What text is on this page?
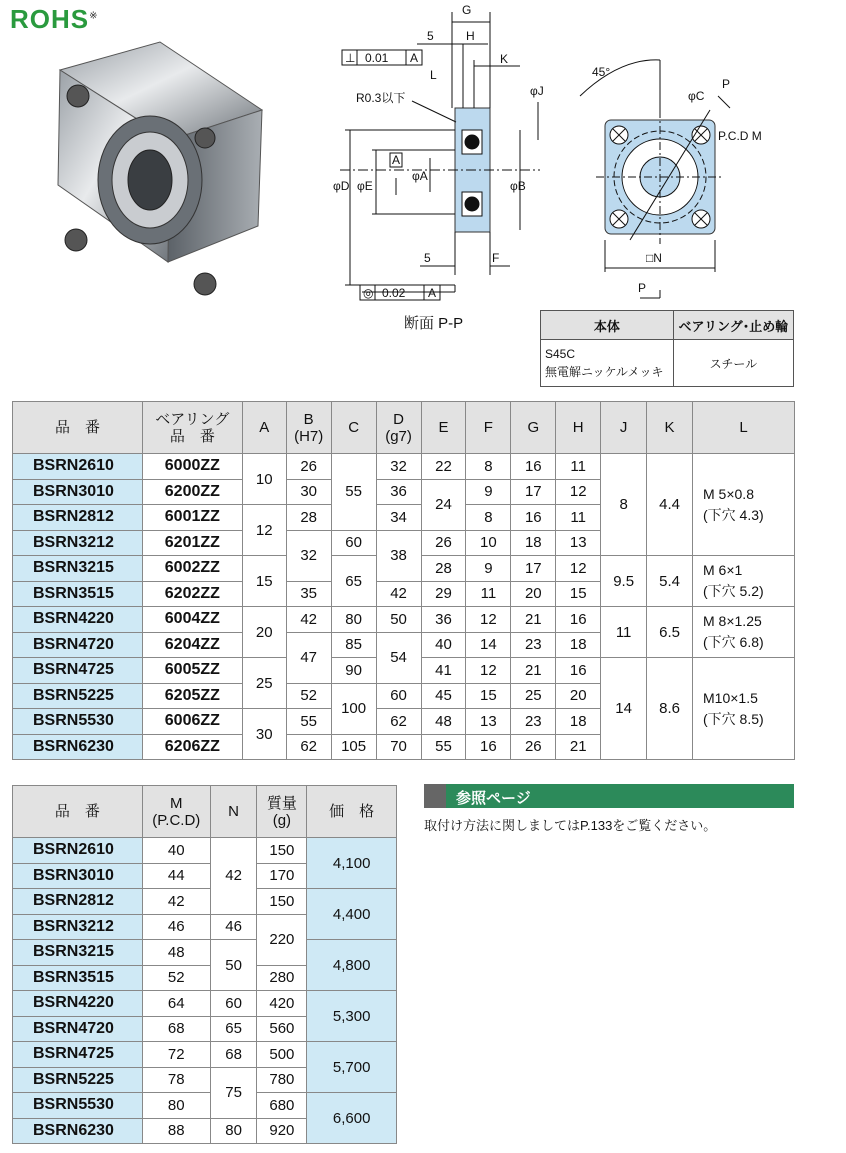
ROHS※	G
5	H
K
L
φJ
R0.3以下
⊥ 0.01 A
φD φE
A
φA
φB
5	F
◎ 0.02 A
45°
φC
P
P.C.D M
□N
P
断面 P-P	本体	ベアリング･止め輪
S45C
無電解ニッケルメッキ	スチール
品　番	ベアリング
品　番	A	B
(H7)	C	D
(g7)	E	F	G	H	J	K	L
BSRN2610	6000ZZ	10	26	55	32	22	8	16	11	8	4.4	M 5×0.8
(下穴 4.3)
BSRN3010	6200ZZ		30		36	24	9	17	12			
BSRN2812	6001ZZ	12	28		34		8	16	11			
BSRN3212	6201ZZ		32	60	38	26	10	18	13			
BSRN3215	6002ZZ	15		65		28	9	17	12	9.5	5.4	M 6×1
(下穴 5.2)
BSRN3515	6202ZZ		35		42	29	11	20	15			
BSRN4220	6004ZZ	20	42	80	50	36	12	21	16	11	6.5	M 8×1.25
(下穴 6.8)
BSRN4720	6204ZZ		47	85	54	40	14	23	18			
BSRN4725	6005ZZ	25		90		41	12	21	16	14	8.6	M10×1.5
(下穴 8.5)
BSRN5225	6205ZZ		52	100	60	45	15	25	20			
BSRN5530	6006ZZ	30	55		62	48	13	23	18			
BSRN6230	6206ZZ		62	105	70	55	16	26	21			
品　番	M
(P.C.D)	N	質量
(g)	価　格
BSRN2610	40	42	150	4,100
BSRN3010	44		170	
BSRN2812	42		150	4,400
BSRN3212	46	46	220	
BSRN3215	48	50		4,800
BSRN3515	52		280	
BSRN4220	64	60	420	5,300
BSRN4720	68	65	560	
BSRN4725	72	68	500	5,700
BSRN5225	78	75	780	
BSRN5530	80		680	6,600
BSRN6230	88	80	920	
参照ページ
取付け方法に関しましてはP.133をご覧ください。
